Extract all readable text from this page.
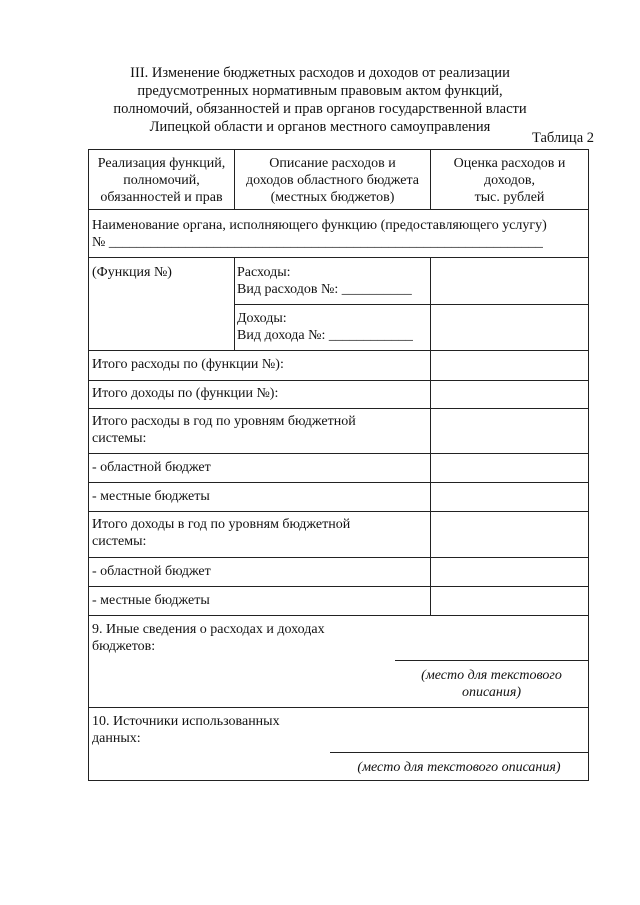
III. Изменение бюджетных расходов и доходов от реализации
предусмотренных нормативным правовым актом функций,
полномочий, обязанностей и прав органов государственной власти
Липецкой области и органов местного самоуправления
Таблица 2
Реализация функций,
полномочий,
обязанностей и прав
Описание расходов и
доходов областного бюджета
(местных бюджетов)
Оценка расходов и
доходов,
тыс. рублей
Наименование органа, исполняющего функцию (предоставляющего услугу)
№ ______________________________________________________________
(Функция №)	Расходы:
Вид расходов №: __________
Доходы:
Вид дохода №: ____________
Итого расходы по (функции №):
Итого доходы по (функции №):
Итого расходы в год по уровням бюджетной
системы:
- областной бюджет
- местные бюджеты
Итого доходы в год по уровням бюджетной
системы:
- областной бюджет
- местные бюджеты
9. Иные сведения о расходах и доходах
бюджетов:
(место для текстового
описания)
10. Источники использованных
данных:
(место для текстового описания)
